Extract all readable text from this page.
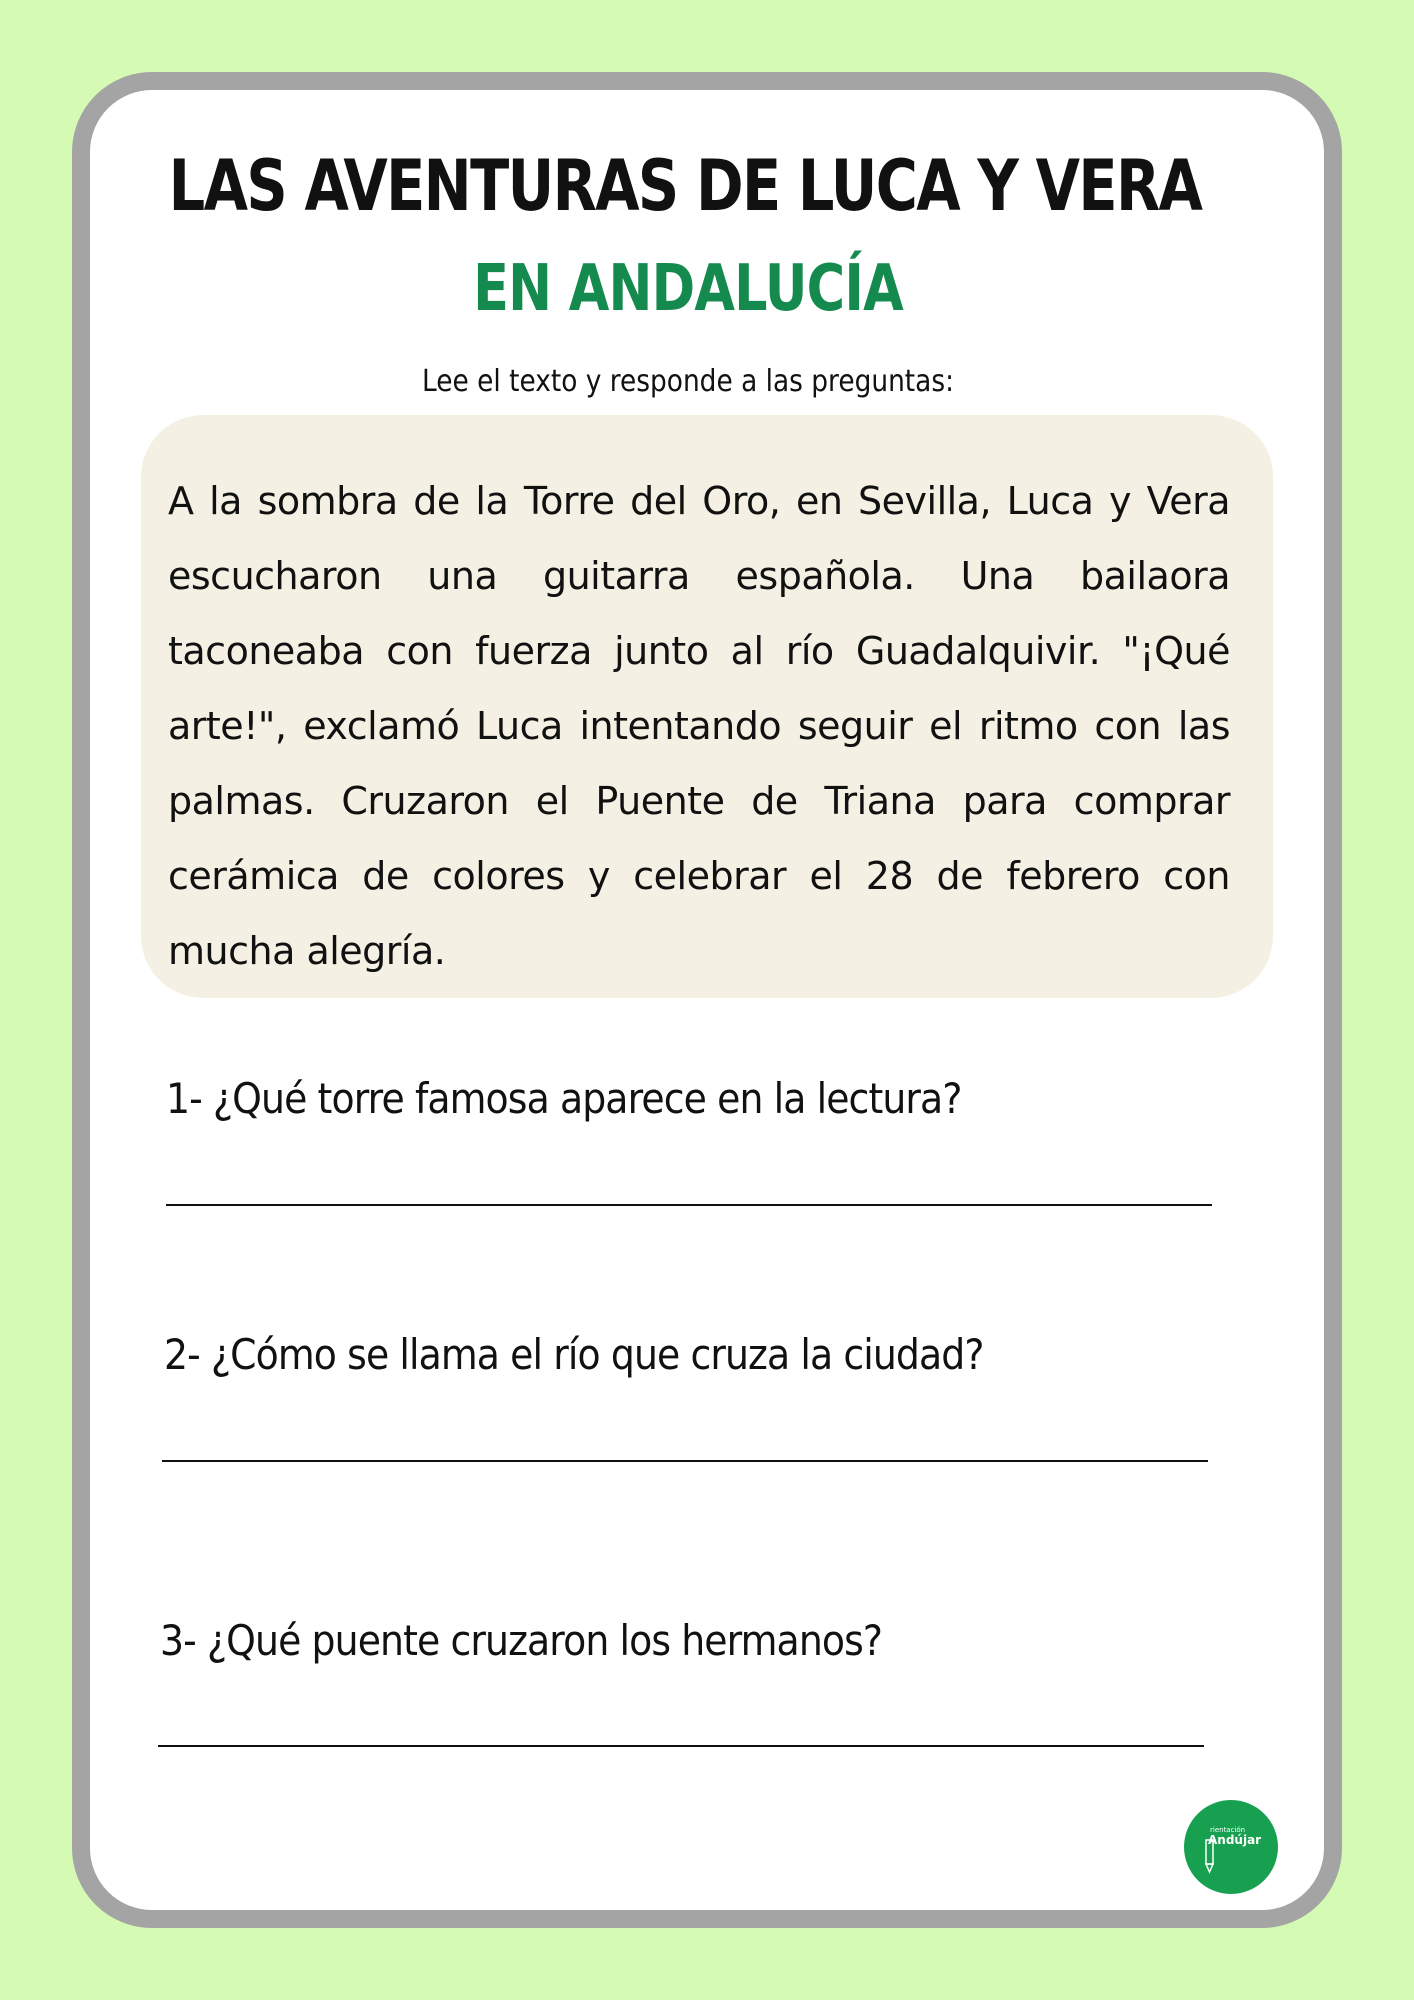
LAS AVENTURAS DE LUCA Y VERA
EN ANDALUCÍA

Lee el texto y responde a las preguntas:

A la sombra de la Torre del Oro, en Sevilla, Luca y Vera escucharon una guitarra española. Una bailaora taconeaba con fuerza junto al río Guadalquivir. "¡Qué arte!", exclamó Luca intentando seguir el ritmo con las palmas. Cruzaron el Puente de Triana para comprar cerámica de colores y celebrar el 28 de febrero con mucha alegría.

1- ¿Qué torre famosa aparece en la lectura?

2- ¿Cómo se llama el río que cruza la ciudad?

3- ¿Qué puente cruzaron los hermanos?

rientación
Andújar
